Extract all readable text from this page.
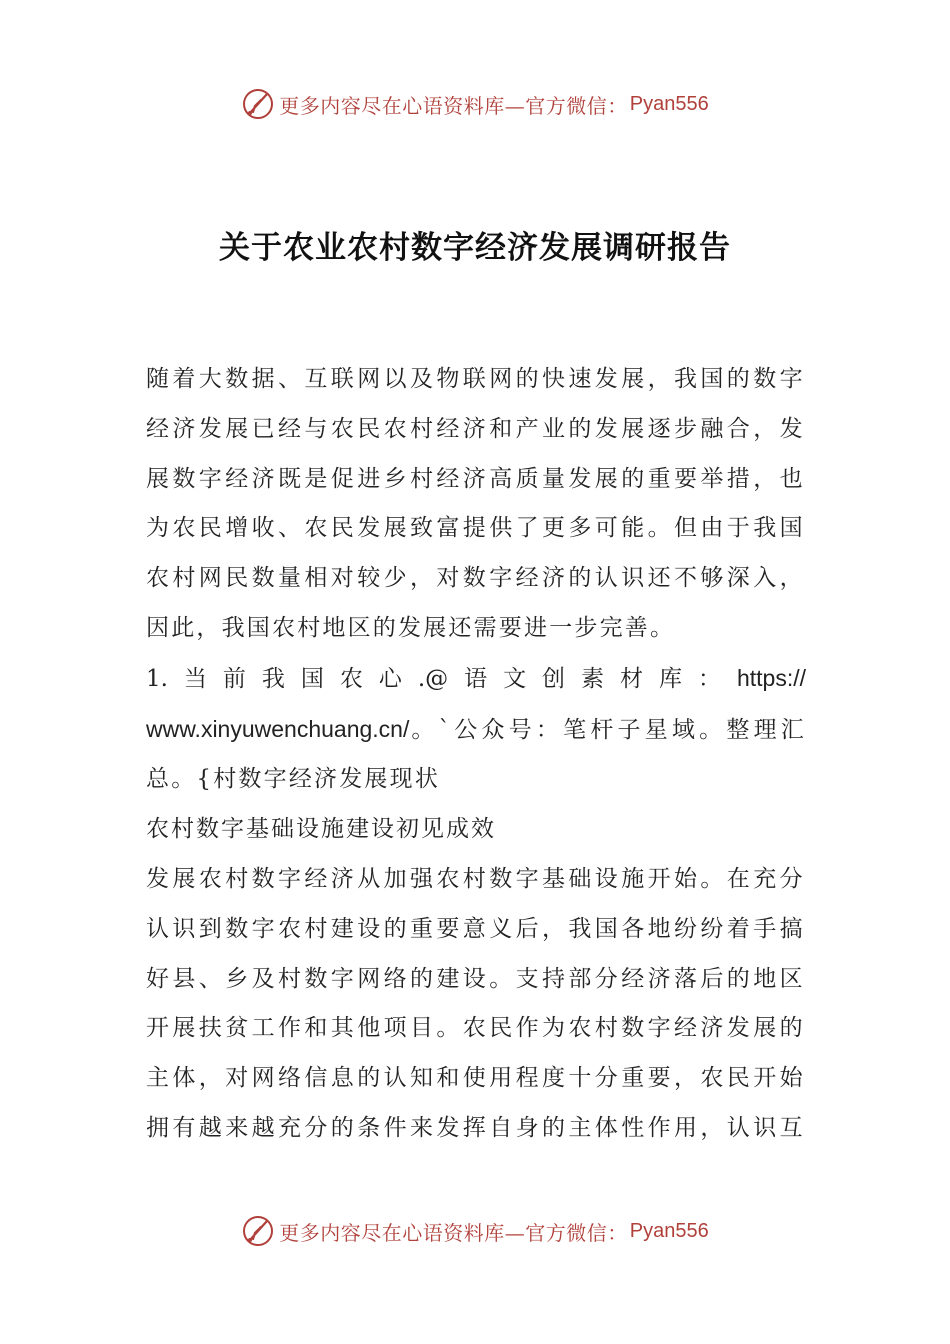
更多内容尽在心语资料库—官方微信： Pyan556
关于农业农村数字经济发展调研报告

随着大数据、互联网以及物联网的快速发展，我国的数字

经济发展已经与农民农村经济和产业的发展逐步融合，发

展数字经济既是促进乡村经济高质量发展的重要举措，也

为农民增收、农民发展致富提供了更多可能。但由于我国

农村网民数量相对较少，对数字经济的认识还不够深入，

因此，我国农村地区的发展还需要进一步完善。

1.当前我国农心.@语文创素材库：https://

www.xinyuwenchuang.cn/。`公众号：笔杆子星域。整理汇

总。{村数字经济发展现状

农村数字基础设施建设初见成效

发展农村数字经济从加强农村数字基础设施开始。在充分

认识到数字农村建设的重要意义后，我国各地纷纷着手搞

好县、乡及村数字网络的建设。支持部分经济落后的地区

开展扶贫工作和其他项目。农民作为农村数字经济发展的

主体，对网络信息的认知和使用程度十分重要，农民开始

拥有越来越充分的条件来发挥自身的主体性作用，认识互

更多内容尽在心语资料库—官方微信： Pyan556
